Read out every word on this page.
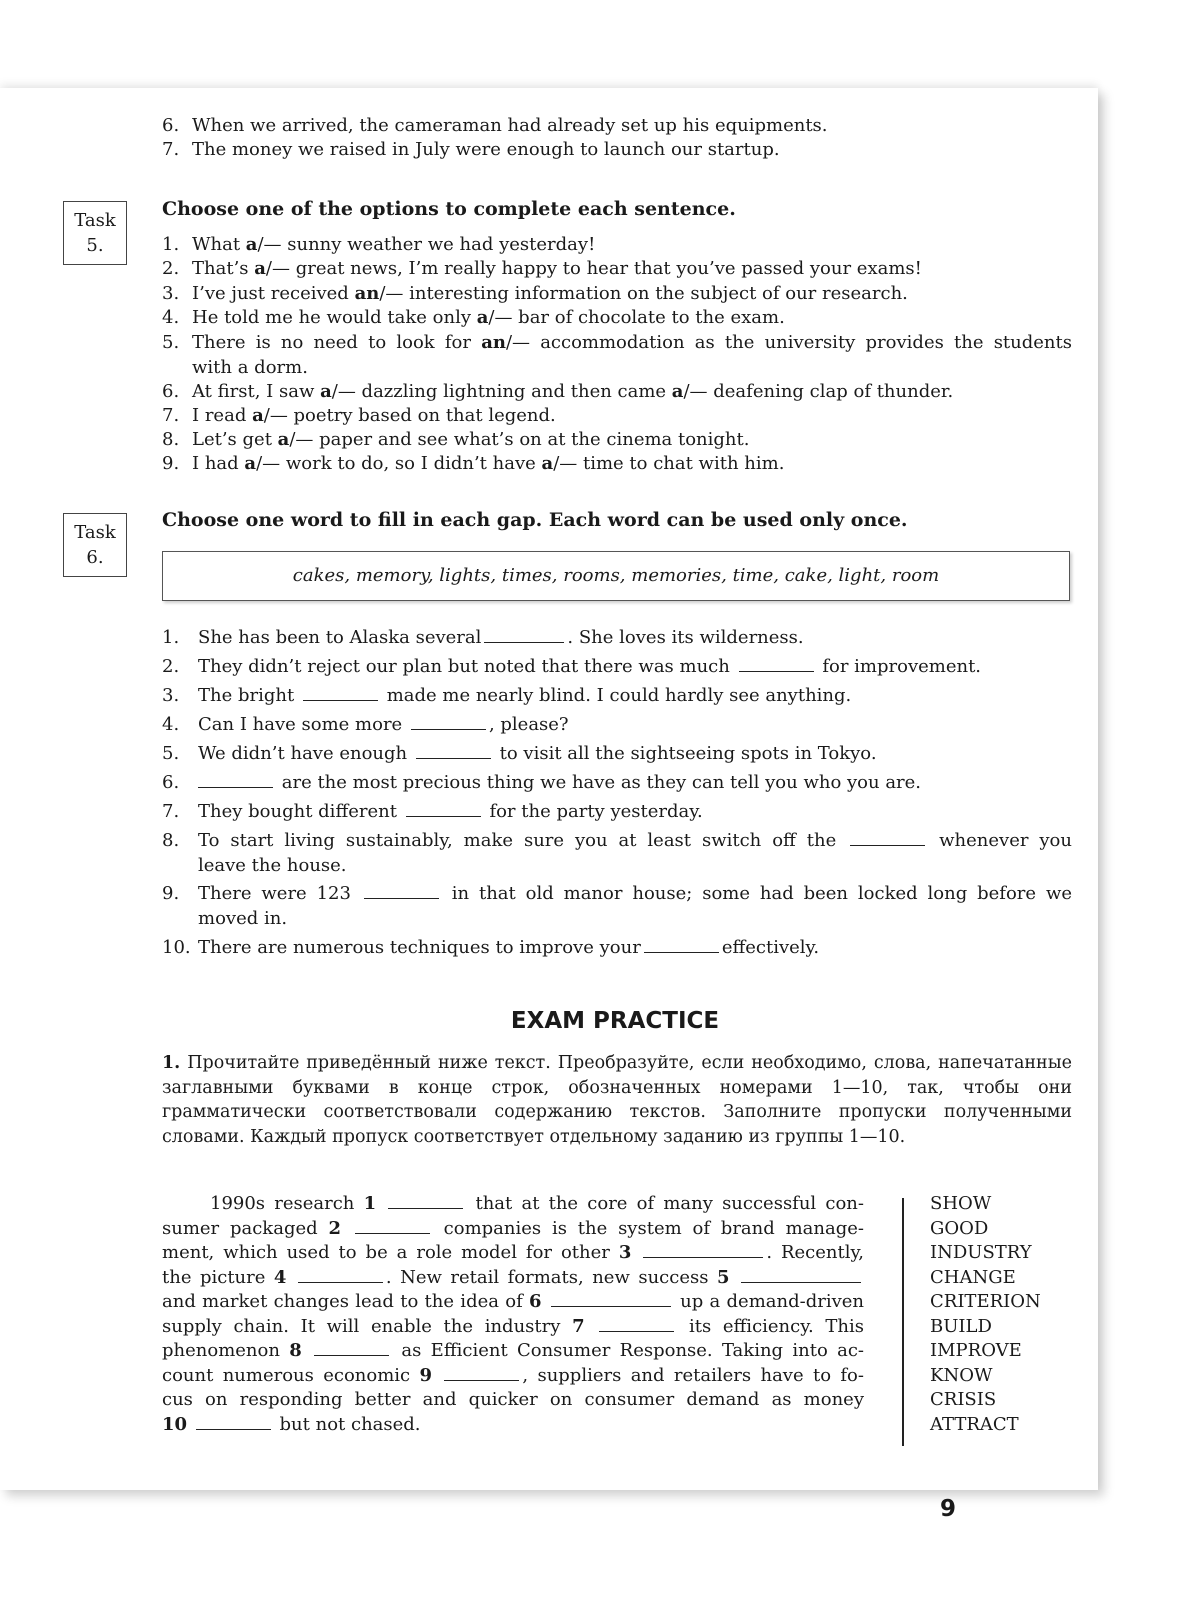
6. When we arrived, the cameraman had already set up his equipments.
7. The money we raised in July were enough to launch our startup.
Task
5.
Choose one of the options to complete each sentence.
1. What a/— sunny weather we had yesterday!
2. That’s a/— great news, I’m really happy to hear that you’ve passed your exams!
3. I’ve just received an/— interesting information on the subject of our research.
4. He told me he would take only a/— bar of chocolate to the exam.
5. There is no need to look for an/— accommodation as the university provides the students
with a dorm.
6. At first, I saw a/— dazzling lightning and then came a/— deafening clap of thunder.
7. I read a/— poetry based on that legend.
8. Let’s get a/— paper and see what’s on at the cinema tonight.
9. I had a/— work to do, so I didn’t have a/— time to chat with him.
Task
6.
Choose one word to fill in each gap. Each word can be used only once.
cakes, memory, lights, times, rooms, memories, time, cake, light, room
1. She has been to Alaska several	. She loves its wilderness.
2. They didn’t reject our plan but noted that there was much	for improvement.
3. The bright	made me nearly blind. I could hardly see anything.
4. Can I have some more	, please?
5. We didn’t have enough	to visit all the sightseeing spots in Tokyo.
6.	are the most precious thing we have as they can tell you who you are.
7. They bought different	for the party yesterday.
8. To start living sustainably, make sure you at least switch off the	whenever you
leave the house.
9. There were 123	in that old manor house; some had been locked long before we
moved in.
10. There are numerous techniques to improve your	effectively.
EXAM PRACTICE
1. Прочитайте приведённый ниже текст. Преобразуйте, если необходимо, слова, напечатанные заглавными буквами в конце строк, обозначенных номерами 1—10, так, чтобы они грамматически соответствовали содержанию текстов. Заполните пропуски полученными словами. Каждый пропуск соответствует отдельному заданию из группы 1—10.
1990s research 1	that at the core of many successful con-
sumer packaged 2	companies is the system of brand manage-
ment, which used to be a role model for other 3	. Recently,
the picture 4	. New retail formats, new success 5
and market changes lead to the idea of 6	up a demand-driven
supply chain. It will enable the industry 7	its efficiency. This
phenomenon 8	as Efficient Consumer Response. Taking into ac-
count numerous economic 9	, suppliers and retailers have to fo-
cus on responding better and quicker on consumer demand as money
10	but not chased.
SHOW
GOOD
INDUSTRY
CHANGE
CRITERION
BUILD
IMPROVE
KNOW
CRISIS
ATTRACT
9
